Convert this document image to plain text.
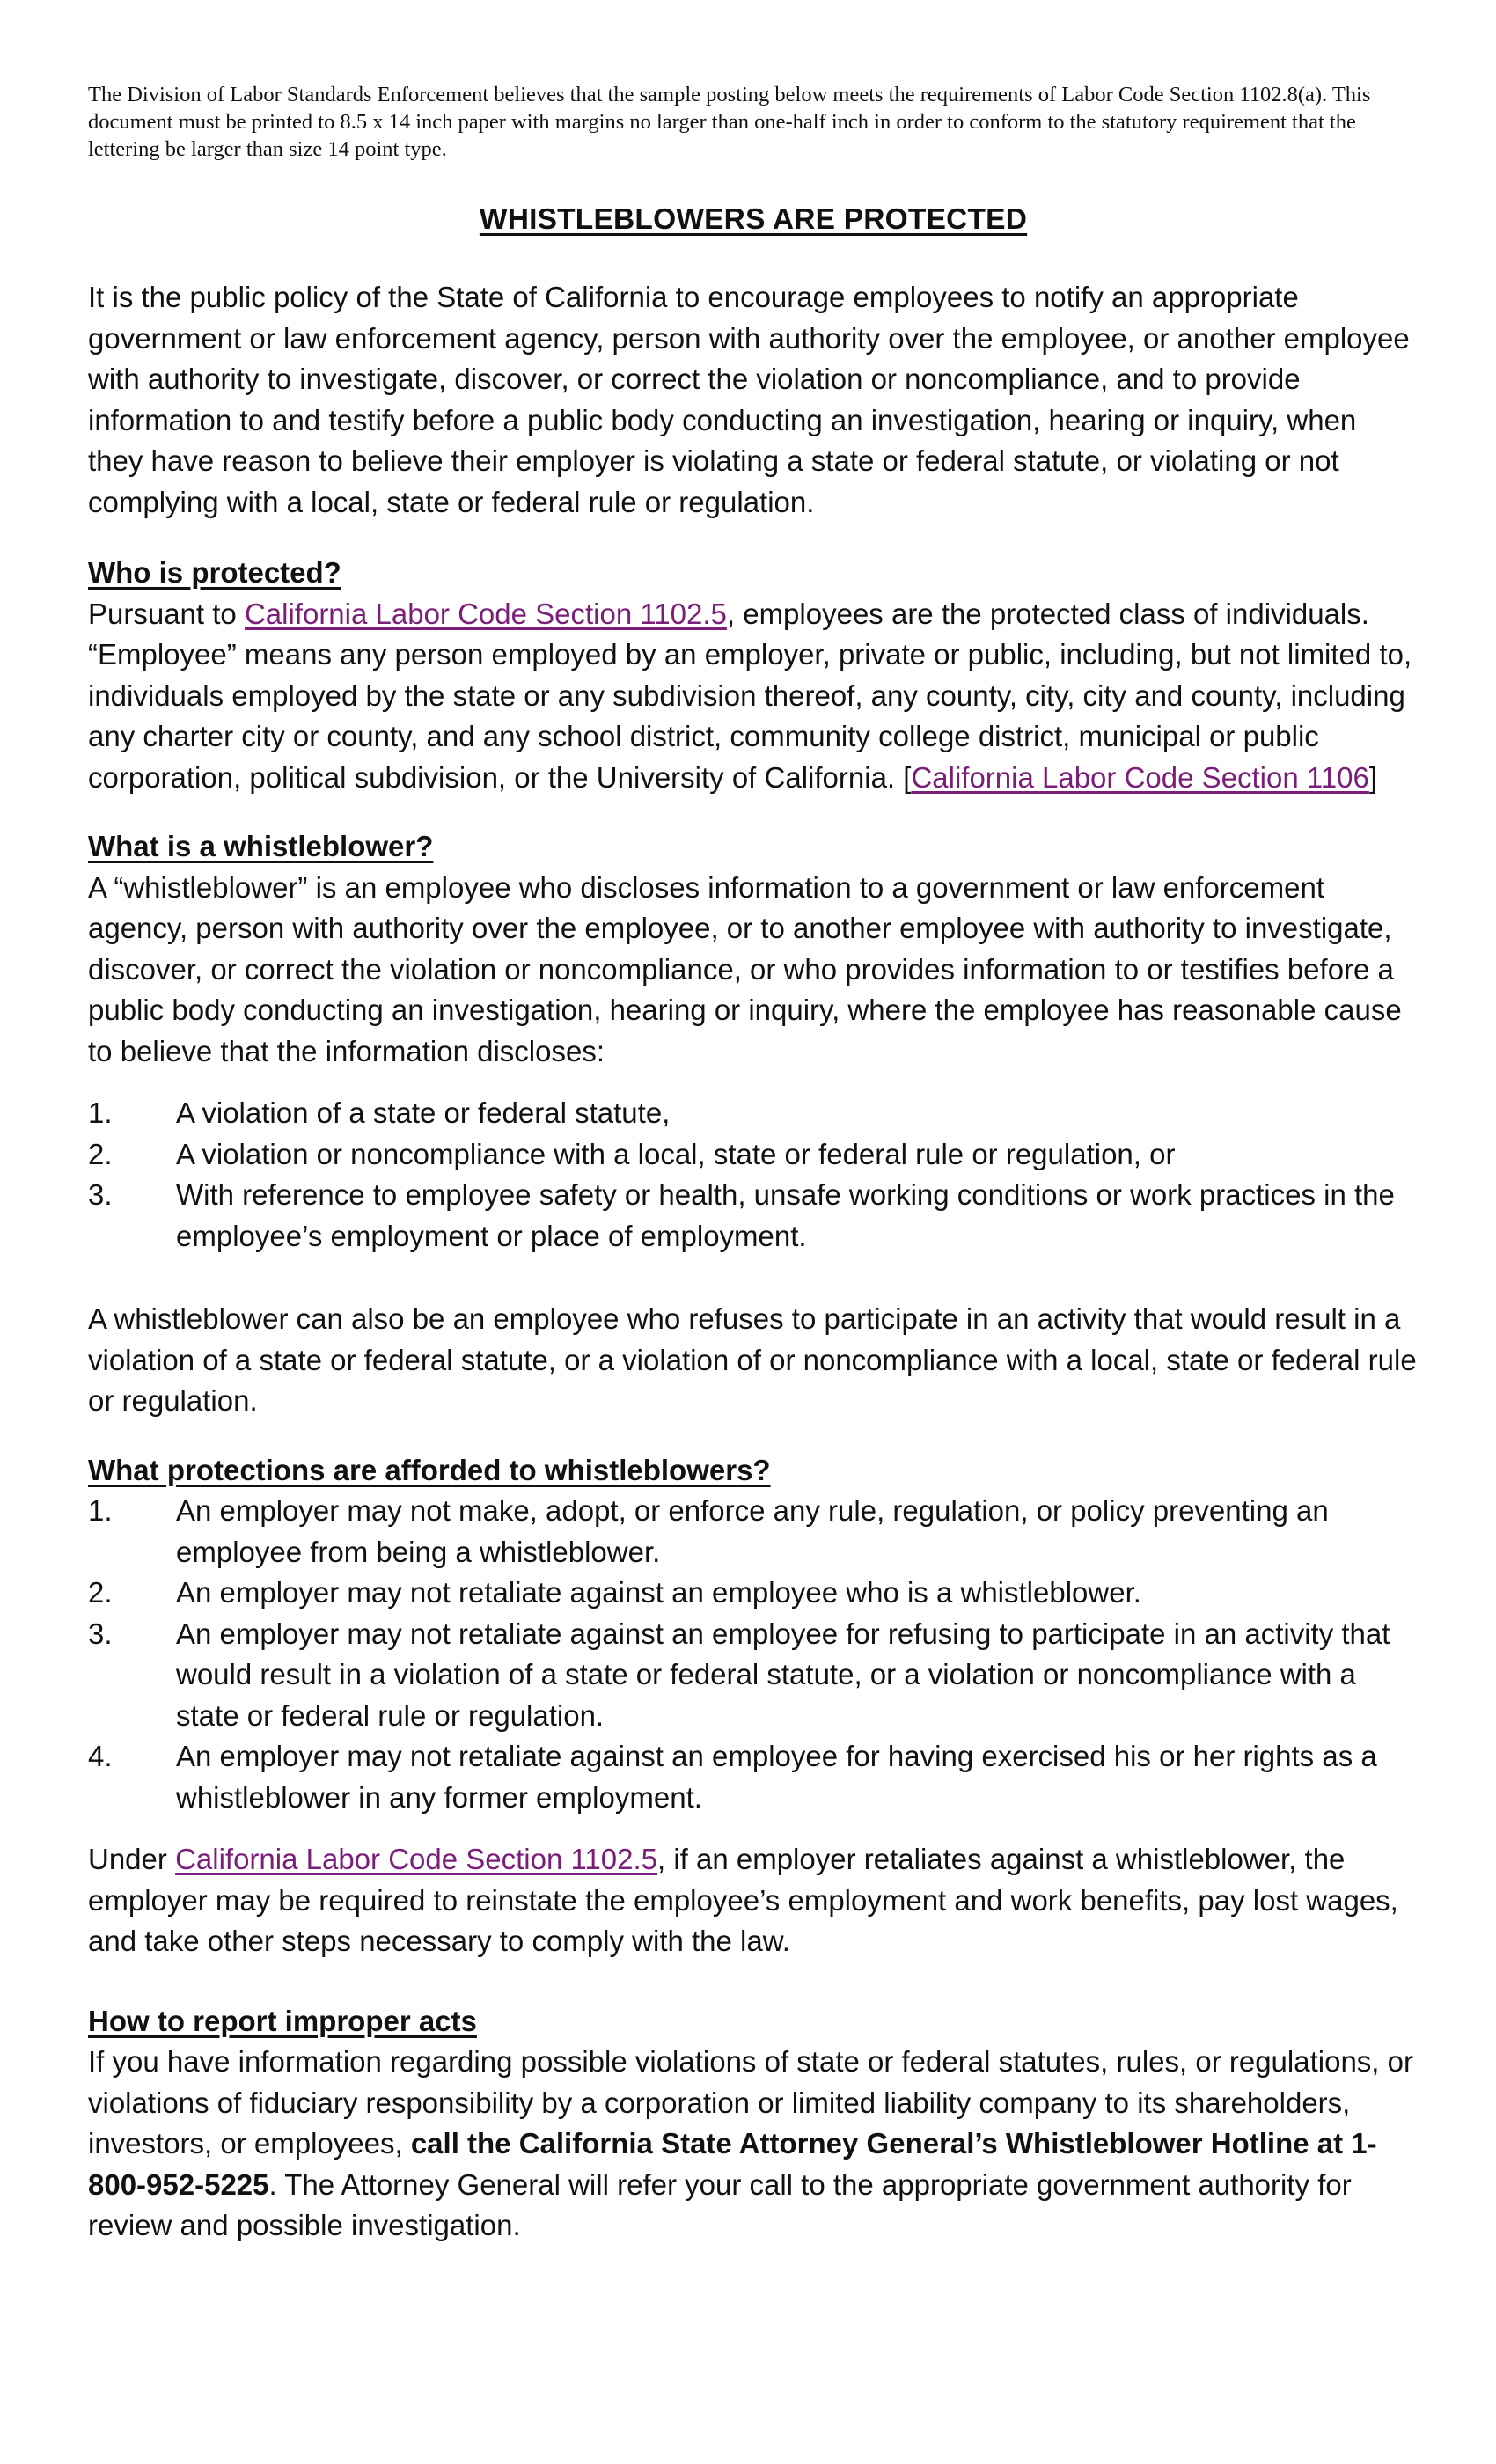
The Division of Labor Standards Enforcement believes that the sample posting below meets the requirements of Labor Code Section 1102.8(a). This document must be printed to 8.5 x 14 inch paper with margins no larger than one-half inch in order to conform to the statutory requirement that the lettering be larger than size 14 point type.

WHISTLEBLOWERS ARE PROTECTED

It is the public policy of the State of California to encourage employees to notify an appropriate government or law enforcement agency, person with authority over the employee, or another employee with authority to investigate, discover, or correct the violation or noncompliance, and to provide information to and testify before a public body conducting an investigation, hearing or inquiry, when they have reason to believe their employer is violating a state or federal statute, or violating or not complying with a local, state or federal rule or regulation.

Who is protected?

Pursuant to California Labor Code Section 1102.5, employees are the protected class of individuals. “Employee” means any person employed by an employer, private or public, including, but not limited to, individuals employed by the state or any subdivision thereof, any county, city, city and county, including any charter city or county, and any school district, community college district, municipal or public corporation, political subdivision, or the University of California. [California Labor Code Section 1106]

What is a whistleblower?

A “whistleblower” is an employee who discloses information to a government or law enforcement agency, person with authority over the employee, or to another employee with authority to investigate, discover, or correct the violation or noncompliance, or who provides information to or testifies before a public body conducting an investigation, hearing or inquiry, where the employee has reasonable cause to believe that the information discloses:

1. A violation of a state or federal statute,
2. A violation or noncompliance with a local, state or federal rule or regulation, or
3. With reference to employee safety or health, unsafe working conditions or work practices in the employee’s employment or place of employment.

A whistleblower can also be an employee who refuses to participate in an activity that would result in a violation of a state or federal statute, or a violation of or noncompliance with a local, state or federal rule or regulation.

What protections are afforded to whistleblowers?
1. An employer may not make, adopt, or enforce any rule, regulation, or policy preventing an employee from being a whistleblower.
2. An employer may not retaliate against an employee who is a whistleblower.
3. An employer may not retaliate against an employee for refusing to participate in an activity that would result in a violation of a state or federal statute, or a violation or noncompliance with a state or federal rule or regulation.
4. An employer may not retaliate against an employee for having exercised his or her rights as a whistleblower in any former employment.

Under California Labor Code Section 1102.5, if an employer retaliates against a whistleblower, the employer may be required to reinstate the employee’s employment and work benefits, pay lost wages, and take other steps necessary to comply with the law.

How to report improper acts

If you have information regarding possible violations of state or federal statutes, rules, or regulations, or violations of fiduciary responsibility by a corporation or limited liability company to its shareholders, investors, or employees, call the California State Attorney General’s Whistleblower Hotline at 1-800-952-5225. The Attorney General will refer your call to the appropriate government authority for review and possible investigation.
